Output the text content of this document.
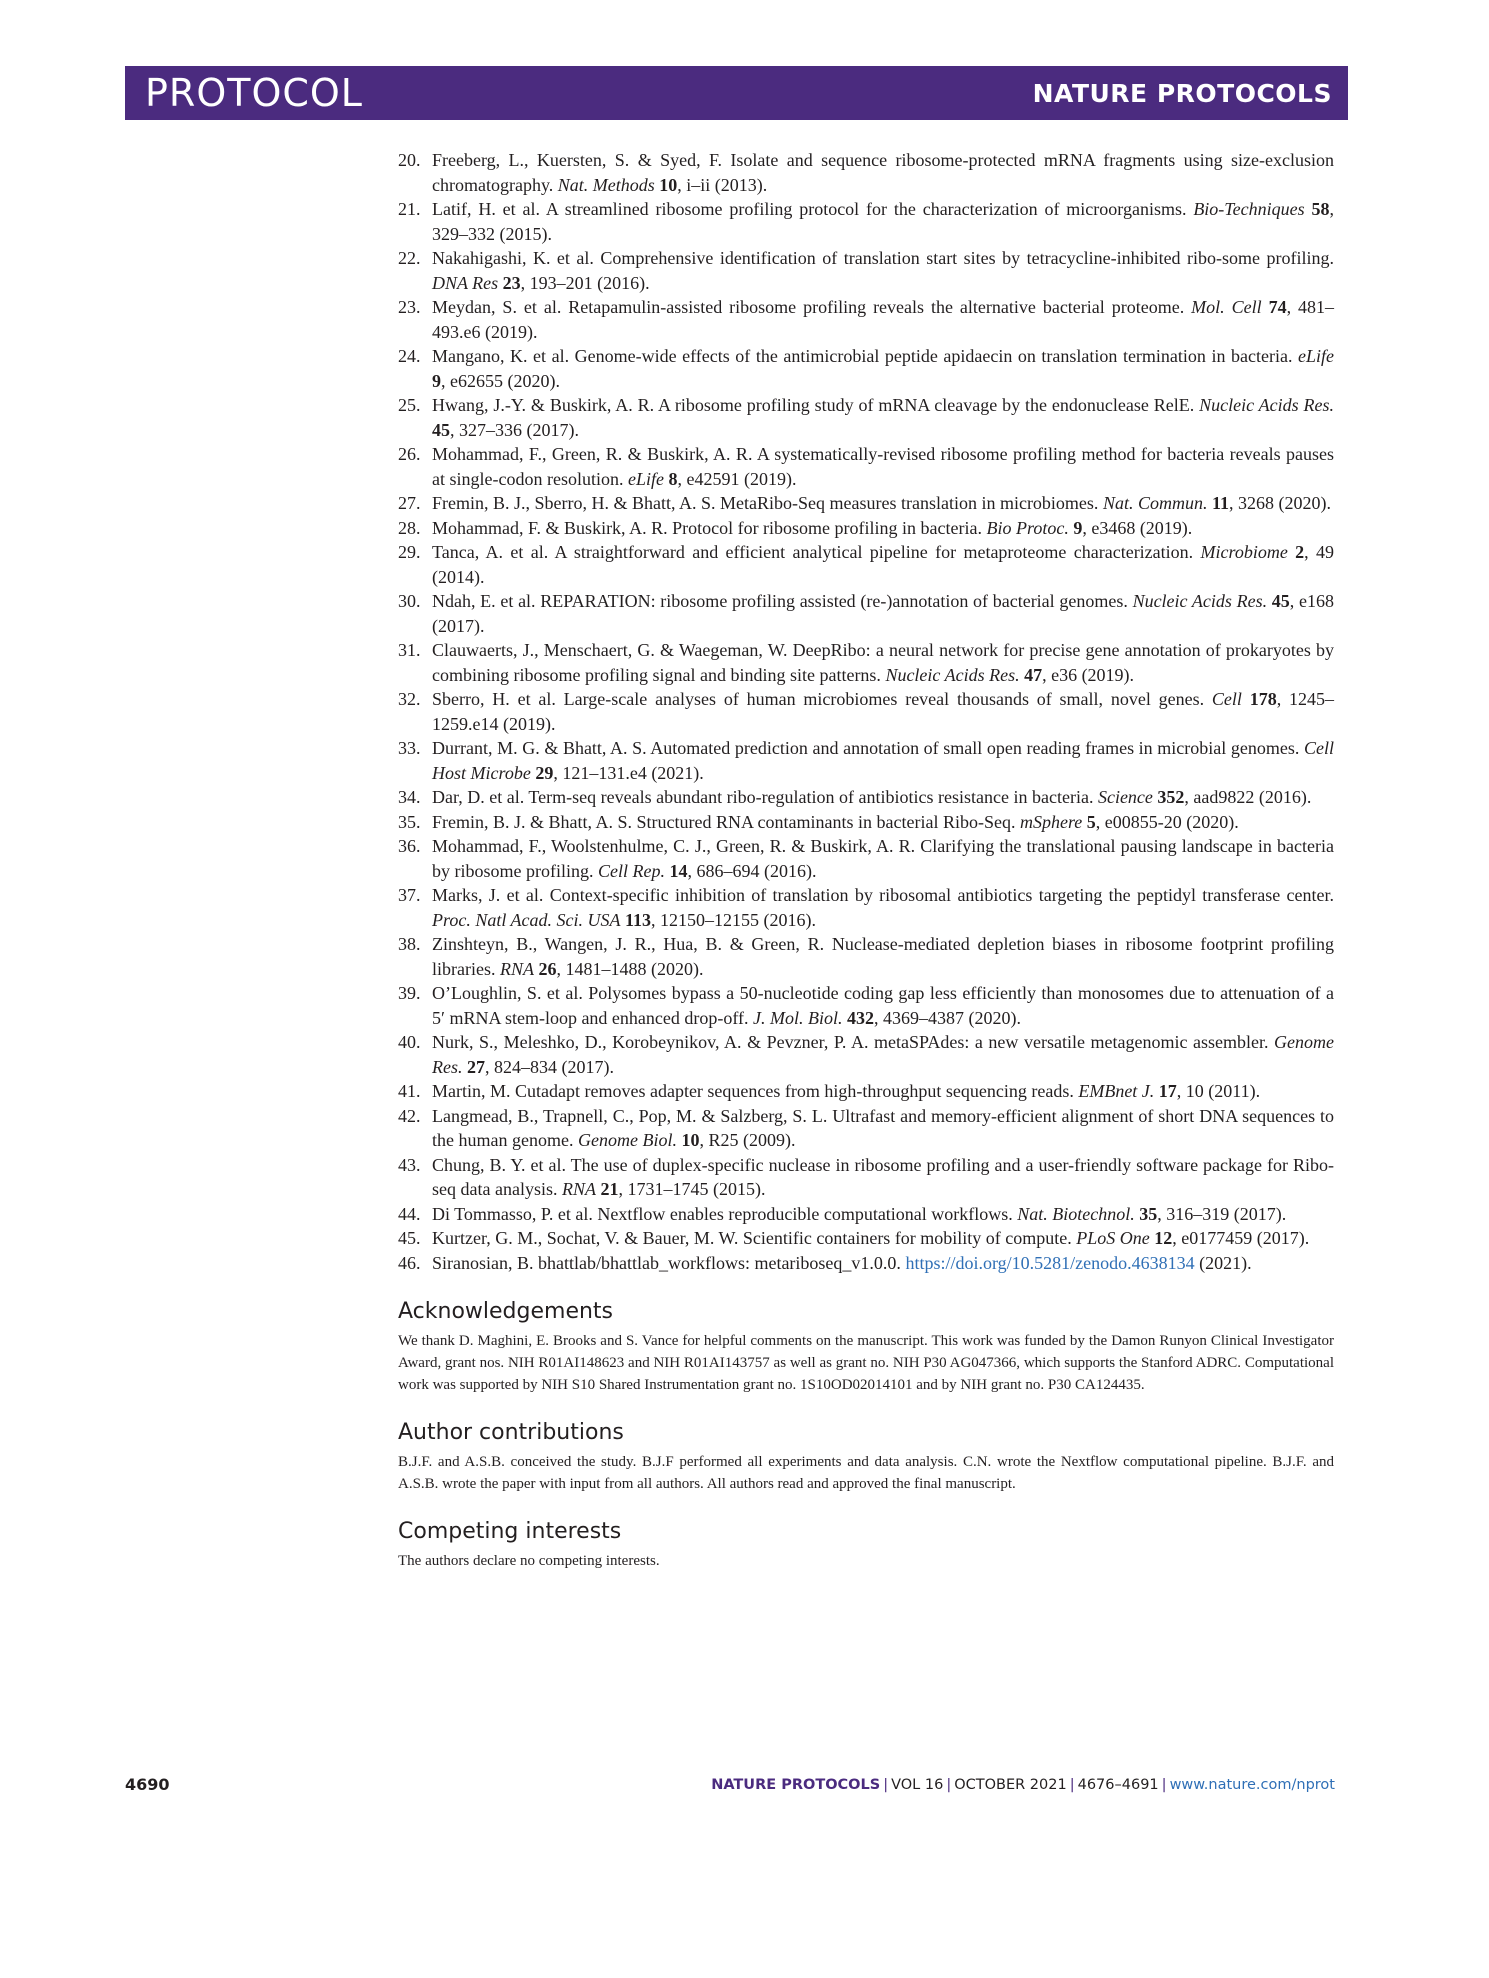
PROTOCOL	NATURE PROTOCOLS
20. Freeberg, L., Kuersten, S. & Syed, F. Isolate and sequence ribosome-protected mRNA fragments using size-exclusion chromatography. Nat. Methods 10, i–ii (2013).
21. Latif, H. et al. A streamlined ribosome profiling protocol for the characterization of microorganisms. Bio-Techniques 58, 329–332 (2015).
22. Nakahigashi, K. et al. Comprehensive identification of translation start sites by tetracycline-inhibited ribo-some profiling. DNA Res 23, 193–201 (2016).
23. Meydan, S. et al. Retapamulin-assisted ribosome profiling reveals the alternative bacterial proteome. Mol. Cell 74, 481–493.e6 (2019).
24. Mangano, K. et al. Genome-wide effects of the antimicrobial peptide apidaecin on translation termination in bacteria. eLife 9, e62655 (2020).
25. Hwang, J.-Y. & Buskirk, A. R. A ribosome profiling study of mRNA cleavage by the endonuclease RelE. Nucleic Acids Res. 45, 327–336 (2017).
26. Mohammad, F., Green, R. & Buskirk, A. R. A systematically-revised ribosome profiling method for bacteria reveals pauses at single-codon resolution. eLife 8, e42591 (2019).
27. Fremin, B. J., Sberro, H. & Bhatt, A. S. MetaRibo-Seq measures translation in microbiomes. Nat. Commun. 11, 3268 (2020).
28. Mohammad, F. & Buskirk, A. R. Protocol for ribosome profiling in bacteria. Bio Protoc. 9, e3468 (2019).
29. Tanca, A. et al. A straightforward and efficient analytical pipeline for metaproteome characterization. Microbiome 2, 49 (2014).
30. Ndah, E. et al. REPARATION: ribosome profiling assisted (re-)annotation of bacterial genomes. Nucleic Acids Res. 45, e168 (2017).
31. Clauwaerts, J., Menschaert, G. & Waegeman, W. DeepRibo: a neural network for precise gene annotation of prokaryotes by combining ribosome profiling signal and binding site patterns. Nucleic Acids Res. 47, e36 (2019).
32. Sberro, H. et al. Large-scale analyses of human microbiomes reveal thousands of small, novel genes. Cell 178, 1245–1259.e14 (2019).
33. Durrant, M. G. & Bhatt, A. S. Automated prediction and annotation of small open reading frames in microbial genomes. Cell Host Microbe 29, 121–131.e4 (2021).
34. Dar, D. et al. Term-seq reveals abundant ribo-regulation of antibiotics resistance in bacteria. Science 352, aad9822 (2016).
35. Fremin, B. J. & Bhatt, A. S. Structured RNA contaminants in bacterial Ribo-Seq. mSphere 5, e00855-20 (2020).
36. Mohammad, F., Woolstenhulme, C. J., Green, R. & Buskirk, A. R. Clarifying the translational pausing landscape in bacteria by ribosome profiling. Cell Rep. 14, 686–694 (2016).
37. Marks, J. et al. Context-specific inhibition of translation by ribosomal antibiotics targeting the peptidyl transferase center. Proc. Natl Acad. Sci. USA 113, 12150–12155 (2016).
38. Zinshteyn, B., Wangen, J. R., Hua, B. & Green, R. Nuclease-mediated depletion biases in ribosome footprint profiling libraries. RNA 26, 1481–1488 (2020).
39. O’Loughlin, S. et al. Polysomes bypass a 50-nucleotide coding gap less efficiently than monosomes due to attenuation of a 5′ mRNA stem-loop and enhanced drop-off. J. Mol. Biol. 432, 4369–4387 (2020).
40. Nurk, S., Meleshko, D., Korobeynikov, A. & Pevzner, P. A. metaSPAdes: a new versatile metagenomic assembler. Genome Res. 27, 824–834 (2017).
41. Martin, M. Cutadapt removes adapter sequences from high-throughput sequencing reads. EMBnet J. 17, 10 (2011).
42. Langmead, B., Trapnell, C., Pop, M. & Salzberg, S. L. Ultrafast and memory-efficient alignment of short DNA sequences to the human genome. Genome Biol. 10, R25 (2009).
43. Chung, B. Y. et al. The use of duplex-specific nuclease in ribosome profiling and a user-friendly software package for Ribo-seq data analysis. RNA 21, 1731–1745 (2015).
44. Di Tommasso, P. et al. Nextflow enables reproducible computational workflows. Nat. Biotechnol. 35, 316–319 (2017).
45. Kurtzer, G. M., Sochat, V. & Bauer, M. W. Scientific containers for mobility of compute. PLoS One 12, e0177459 (2017).
46. Siranosian, B. bhattlab/bhattlab_workflows: metariboseq_v1.0.0. https://doi.org/10.5281/zenodo.4638134 (2021).
Acknowledgements

We thank D. Maghini, E. Brooks and S. Vance for helpful comments on the manuscript. This work was funded by the Damon Runyon Clinical Investigator Award, grant nos. NIH R01AI148623 and NIH R01AI143757 as well as grant no. NIH P30 AG047366, which supports the Stanford ADRC. Computational work was supported by NIH S10 Shared Instrumentation grant no. 1S10OD02014101 and by NIH grant no. P30 CA124435.

Author contributions

B.J.F. and A.S.B. conceived the study. B.J.F performed all experiments and data analysis. C.N. wrote the Nextflow computational pipeline. B.J.F. and A.S.B. wrote the paper with input from all authors. All authors read and approved the final manuscript.

Competing interests

The authors declare no competing interests.

4690	NATURE PROTOCOLS | VOL 16 | OCTOBER 2021 | 4676–4691 | www.nature.com/nprot
